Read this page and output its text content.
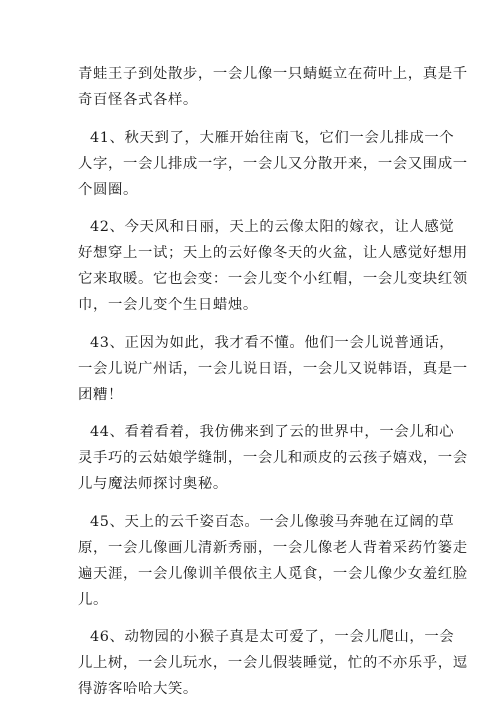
青蛙王子到处散步，一会儿像一只蜻蜓立在荷叶上，真是千
奇百怪各式各样。
41、秋天到了，大雁开始往南飞，它们一会儿排成一个
人字，一会儿排成一字，一会儿又分散开来，一会又围成一
个圆圈。
42、今天风和日丽，天上的云像太阳的嫁衣，让人感觉
好想穿上一试；天上的云好像冬天的火盆，让人感觉好想用
它来取暖。它也会变：一会儿变个小红帽，一会儿变块红领
巾，一会儿变个生日蜡烛。
43、正因为如此，我才看不懂。他们一会儿说普通话，
一会儿说广州话，一会儿说日语，一会儿又说韩语，真是一
团糟！
44、看着看着，我仿佛来到了云的世界中，一会儿和心
灵手巧的云姑娘学缝制，一会儿和顽皮的云孩子嬉戏，一会
儿与魔法师探讨奥秘。
45、天上的云千姿百态。一会儿像骏马奔驰在辽阔的草
原，一会儿像画儿清新秀丽，一会儿像老人背着采药竹篓走
遍天涯，一会儿像训羊偎依主人觅食，一会儿像少女羞红脸
儿。
46、动物园的小猴子真是太可爱了，一会儿爬山，一会
儿上树，一会儿玩水，一会儿假装睡觉，忙的不亦乐乎，逗
得游客哈哈大笑。
